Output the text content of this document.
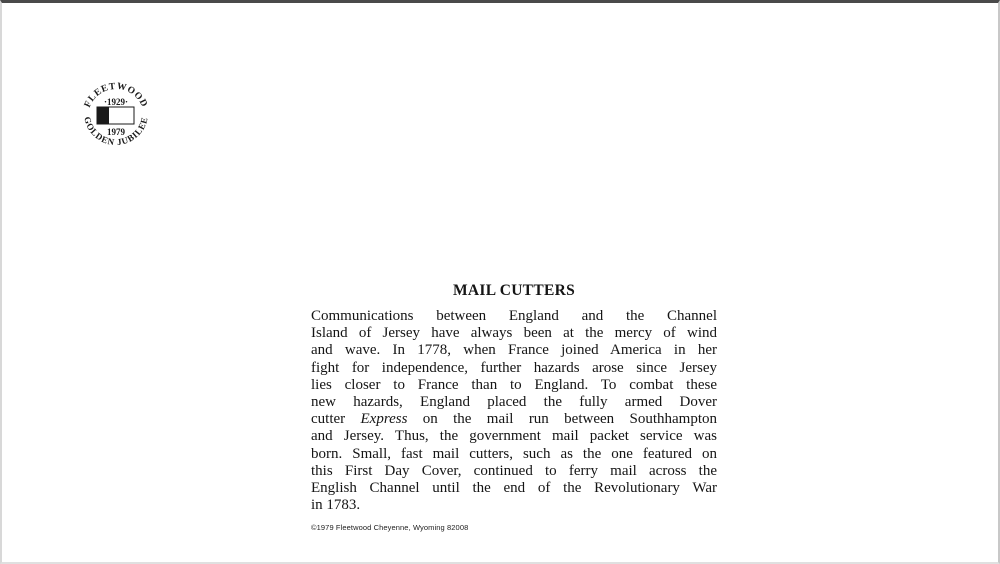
FLEETWOOD
GOLDEN JUBILEE
·1929·
1979
MAIL CUTTERS
Communications between England and the Channel
Island of Jersey have always been at the mercy of wind
and wave. In 1778, when France joined America in her
fight for independence, further hazards arose since Jersey
lies closer to France than to England. To combat these
new hazards, England placed the fully armed Dover
cutter Express on the mail run between Southhampton
and Jersey. Thus, the government mail packet service was
born. Small, fast mail cutters, such as the one featured on
this First Day Cover, continued to ferry mail across the
English Channel until the end of the Revolutionary War
in 1783.
©1979 Fleetwood Cheyenne, Wyoming 82008
